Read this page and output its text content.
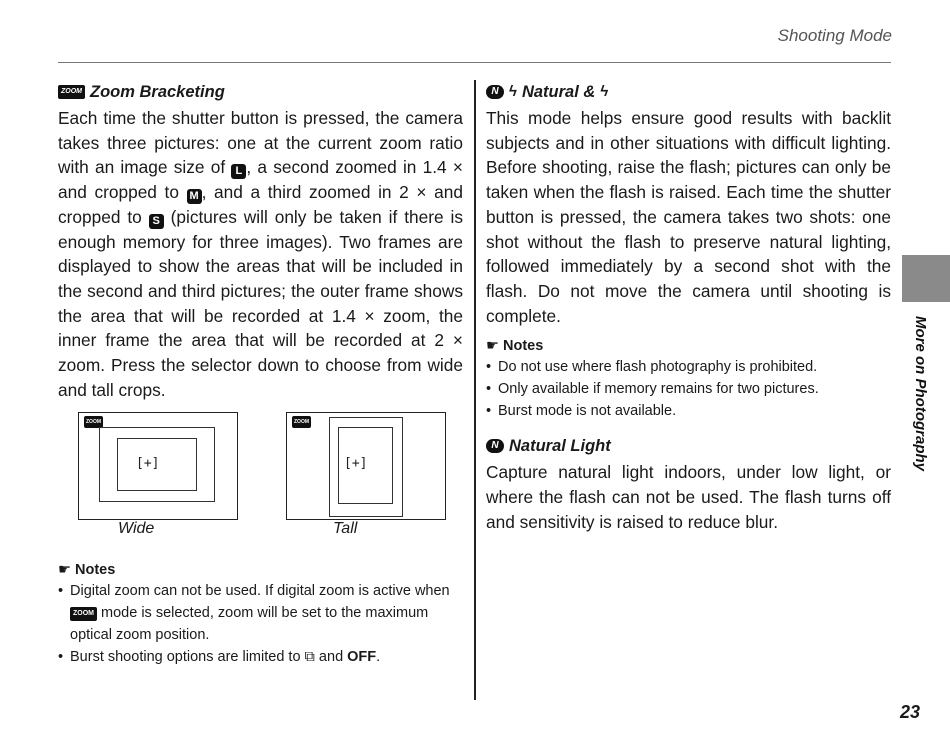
Shooting Mode
More on Photography
23
ZOOM Zoom Bracketing

Each time the shutter button is pressed, the camera takes three pictures: one at the current zoom ratio with an image size of L , a second zoomed in 1.4 × and cropped to M , and a third zoomed in 2 × and cropped to S (pictures will only be taken if there is enough memory for three images). Two frames are displayed to show the areas that will be included in the second and third pictures; the outer frame shows the area that will be recorded at 1.4 × zoom, the inner frame the area that will be recorded at 2 × zoom. Press the selector down to choose from wide and tall crops.

ZOOM
[+]
ZOOM
[+]
Wide	Tall
☛ Notes
• Digital zoom can not be used. If digital zoom is active when ZOOM mode is selected, zoom will be set to the maximum optical zoom position.
• Burst shooting options are limited to ⧉ and OFF.
N ϟ Natural & ϟ

This mode helps ensure good results with backlit subjects and in other situations with difficult lighting. Before shooting, raise the flash; pictures can only be taken when the flash is raised. Each time the shutter button is pressed, the camera takes two shots: one shot without the flash to preserve natural lighting, followed immediately by a second shot with the flash. Do not move the camera until shooting is complete.

☛ Notes
• Do not use where flash photography is prohibited.
• Only available if memory remains for two pictures.
• Burst mode is not available.
N Natural Light

Capture natural light indoors, under low light, or where the flash can not be used. The flash turns off and sensitivity is raised to reduce blur.
